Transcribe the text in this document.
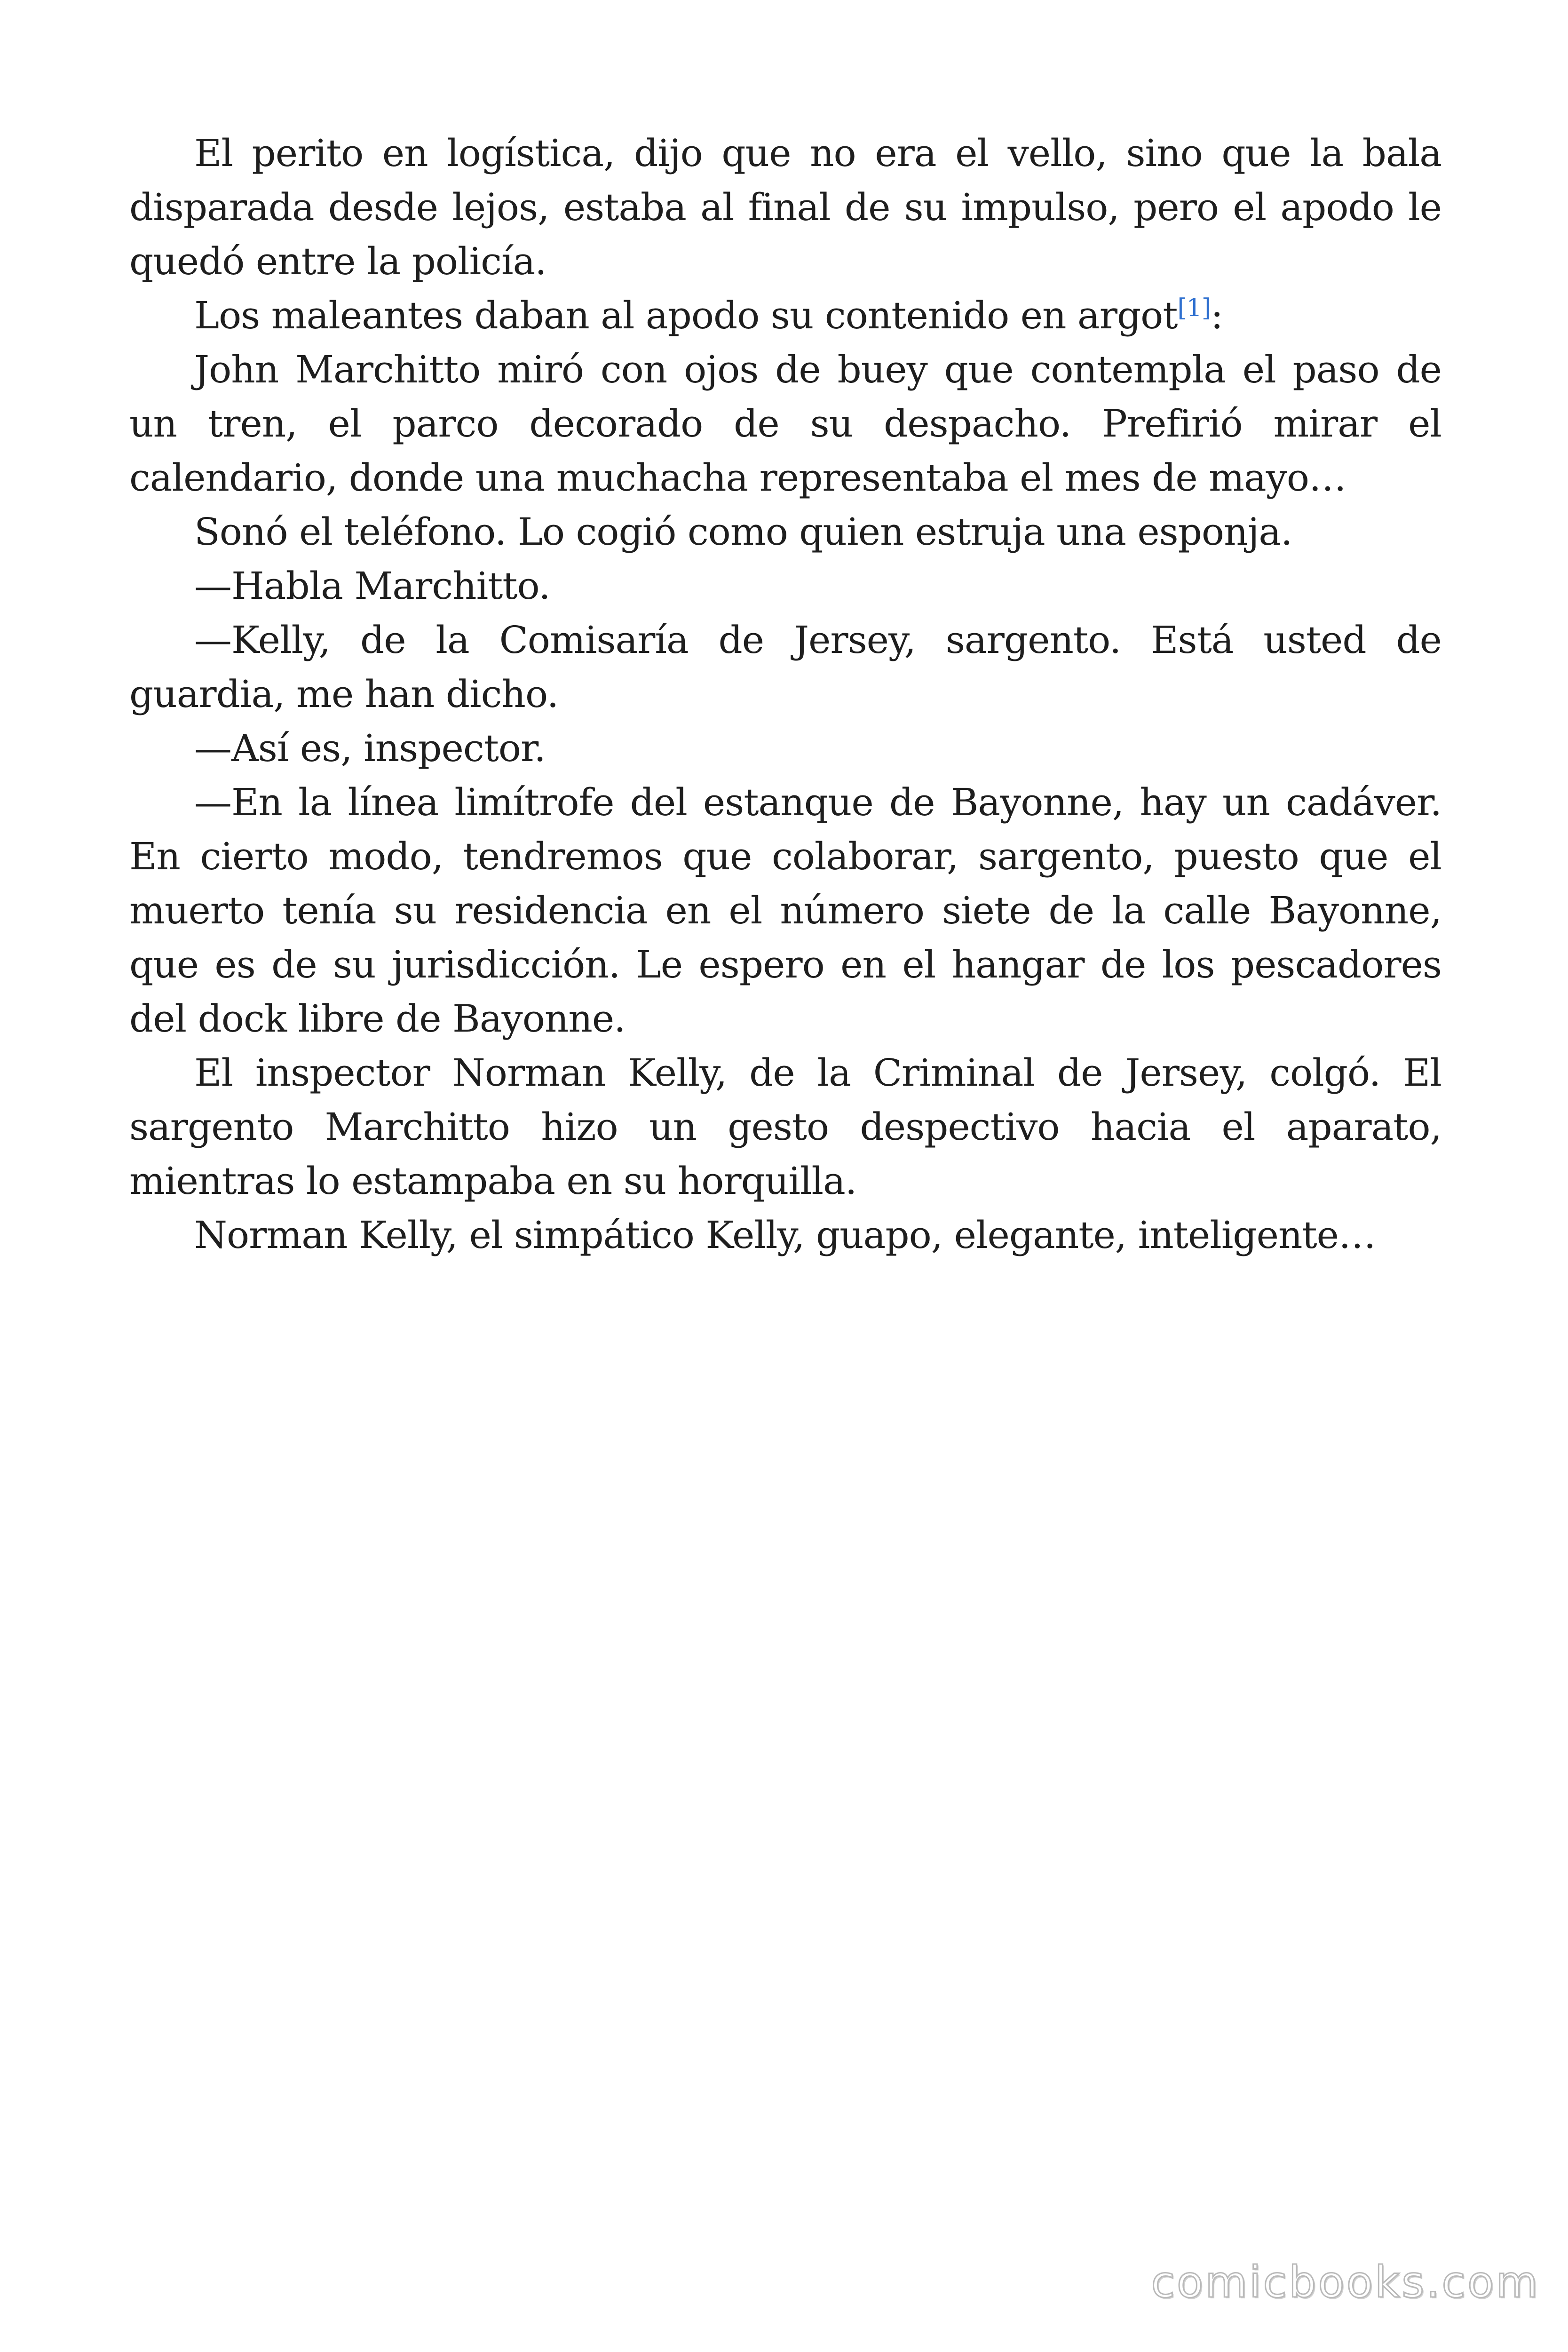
El perito en logística, dijo que no era el vello, sino que la bala disparada desde lejos, estaba al final de su impulso, pero el apodo le quedó entre la policía.

Los maleantes daban al apodo su contenido en argot[1]:

John Marchitto miró con ojos de buey que contempla el paso de un tren, el parco decorado de su despacho. Prefirió mirar el calendario, donde una muchacha representaba el mes de mayo…

Sonó el teléfono. Lo cogió como quien estruja una esponja.

—Habla Marchitto.

—Kelly, de la Comisaría de Jersey, sargento. Está usted de guardia, me han dicho.

—Así es, inspector.

—En la línea limítrofe del estanque de Bayonne, hay un cadáver. En cierto modo, tendremos que colaborar, sargento, puesto que el muerto tenía su residencia en el número siete de la calle Bayonne, que es de su jurisdicción. Le espero en el hangar de los pescadores del dock libre de Bayonne.

El inspector Norman Kelly, de la Criminal de Jersey, colgó. El sargento Marchitto hizo un gesto despectivo hacia el aparato, mientras lo estampaba en su horquilla.

Norman Kelly, el simpático Kelly, guapo, elegante, inteligente…

comicbooks.com
